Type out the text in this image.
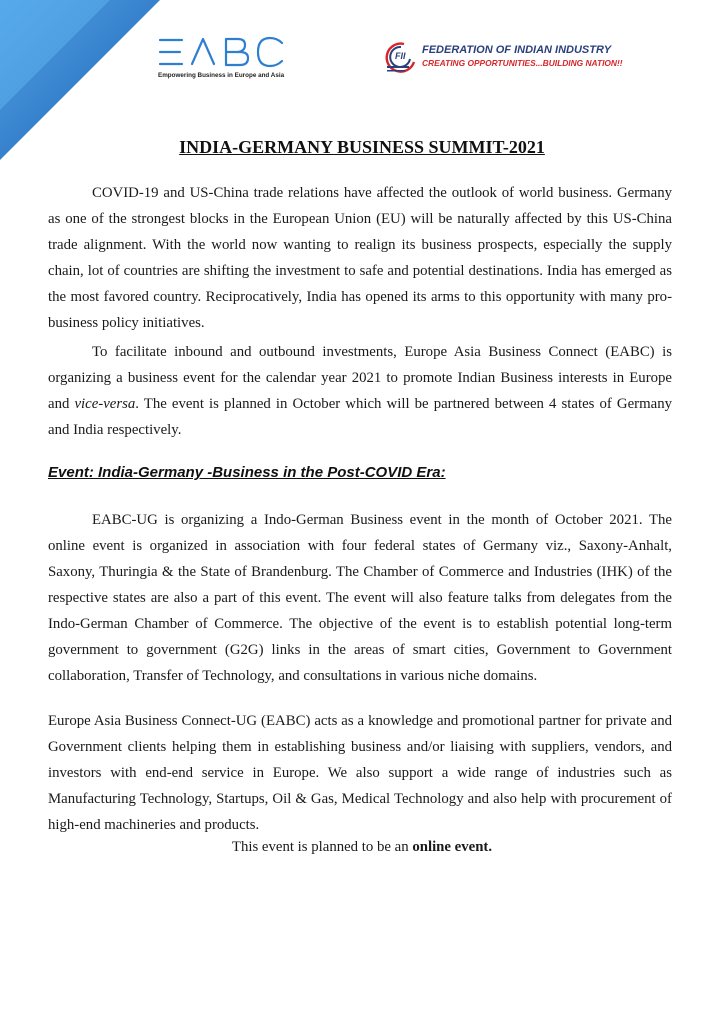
Empowering Business in Europe and Asia
FII FEDERATION OF INDIAN INDUSTRY
CREATING OPPORTUNITIES...BUILDING NATION!!
INDIA-GERMANY BUSINESS SUMMIT-2021

COVID-19 and US-China trade relations have affected the outlook of world business. Germany as one of the strongest blocks in the European Union (EU) will be naturally affected by this US-China trade alignment. With the world now wanting to realign its business prospects, especially the supply chain, lot of countries are shifting the investment to safe and potential destinations. India has emerged as the most favored country. Reciprocatively, India has opened its arms to this opportunity with many pro-business policy initiatives.

To facilitate inbound and outbound investments, Europe Asia Business Connect (EABC) is organizing a business event for the calendar year 2021 to promote Indian Business interests in Europe and vice-versa. The event is planned in October which will be partnered between 4 states of Germany and India respectively.

Event: India-Germany -Business in the Post-COVID Era:

EABC-UG is organizing a Indo-German Business event in the month of October 2021. The online event is organized in association with four federal states of Germany viz., Saxony-Anhalt, Saxony, Thuringia & the State of Brandenburg. The Chamber of Commerce and Industries (IHK) of the respective states are also a part of this event. The event will also feature talks from delegates from the Indo-German Chamber of Commerce. The objective of the event is to establish potential long-term government to government (G2G) links in the areas of smart cities, Government to Government collaboration, Transfer of Technology, and consultations in various niche domains.

Europe Asia Business Connect-UG (EABC) acts as a knowledge and promotional partner for private and Government clients helping them in establishing business and/or liaising with suppliers, vendors, and investors with end-end service in Europe. We also support a wide range of industries such as Manufacturing Technology, Startups, Oil & Gas, Medical Technology and also help with procurement of high-end machineries and products.

This event is planned to be an online event.
